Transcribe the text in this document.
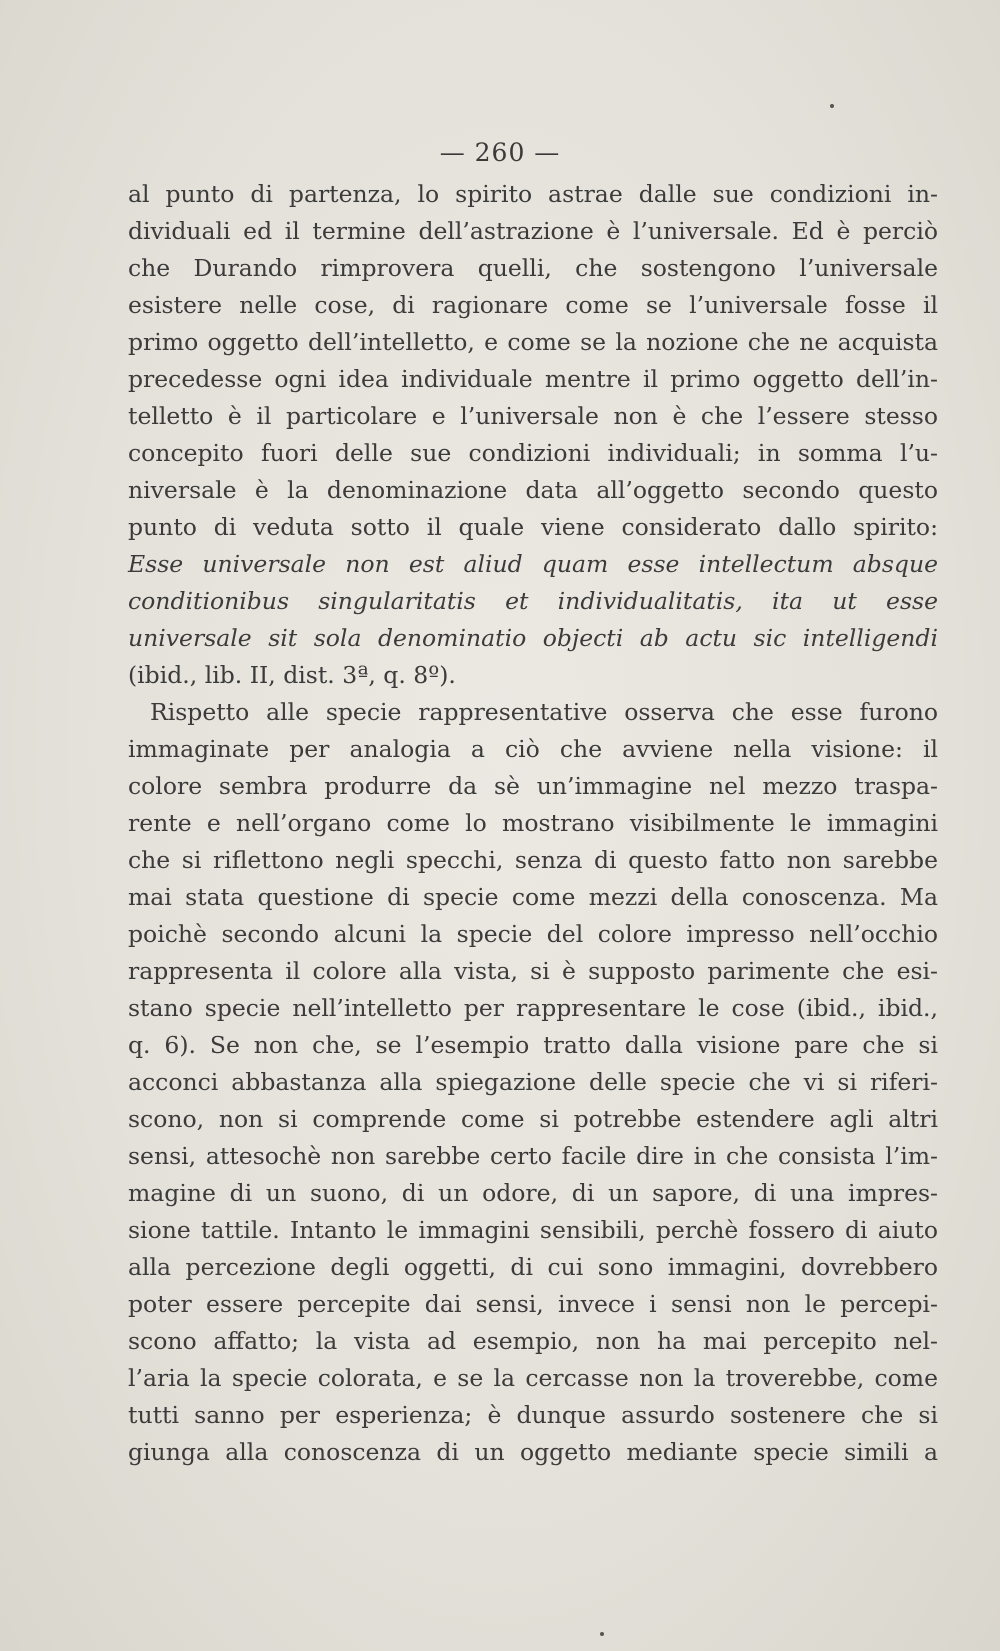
— 260 —
al punto di partenza, lo spirito astrae dalle sue condizioni in-
dividuali ed il termine dell’astrazione è l’universale. Ed è perciò
che Durando rimprovera quelli, che sostengono l’universale
esistere nelle cose, di ragionare come se l’universale fosse il
primo oggetto dell’intelletto, e come se la nozione che ne acquista
precedesse ogni idea individuale mentre il primo oggetto dell’in-
telletto è il particolare e l’universale non è che l’essere stesso
concepito fuori delle sue condizioni individuali; in somma l’u-
niversale è la denominazione data all’oggetto secondo questo
punto di veduta sotto il quale viene considerato dallo spirito:
Esse universale non est aliud quam esse intellectum absque
conditionibus singularitatis et individualitatis, ita ut esse
universale sit sola denominatio objecti ab actu sic intelligendi
(ibid., lib. II, dist. 3ª, q. 8º).
Rispetto alle specie rappresentative osserva che esse furono
immaginate per analogia a ciò che avviene nella visione: il
colore sembra produrre da sè un’immagine nel mezzo traspa-
rente e nell’organo come lo mostrano visibilmente le immagini
che si riflettono negli specchi, senza di questo fatto non sarebbe
mai stata questione di specie come mezzi della conoscenza. Ma
poichè secondo alcuni la specie del colore impresso nell’occhio
rappresenta il colore alla vista, si è supposto parimente che esi-
stano specie nell’intelletto per rappresentare le cose (ibid., ibid.,
q. 6). Se non che, se l’esempio tratto dalla visione pare che si
acconci abbastanza alla spiegazione delle specie che vi si riferi-
scono, non si comprende come si potrebbe estendere agli altri
sensi, attesochè non sarebbe certo facile dire in che consista l’im-
magine di un suono, di un odore, di un sapore, di una impres-
sione tattile. Intanto le immagini sensibili, perchè fossero di aiuto
alla percezione degli oggetti, di cui sono immagini, dovrebbero
poter essere percepite dai sensi, invece i sensi non le percepi-
scono affatto; la vista ad esempio, non ha mai percepito nel-
l’aria la specie colorata, e se la cercasse non la troverebbe, come
tutti sanno per esperienza; è dunque assurdo sostenere che si
giunga alla conoscenza di un oggetto mediante specie simili a
